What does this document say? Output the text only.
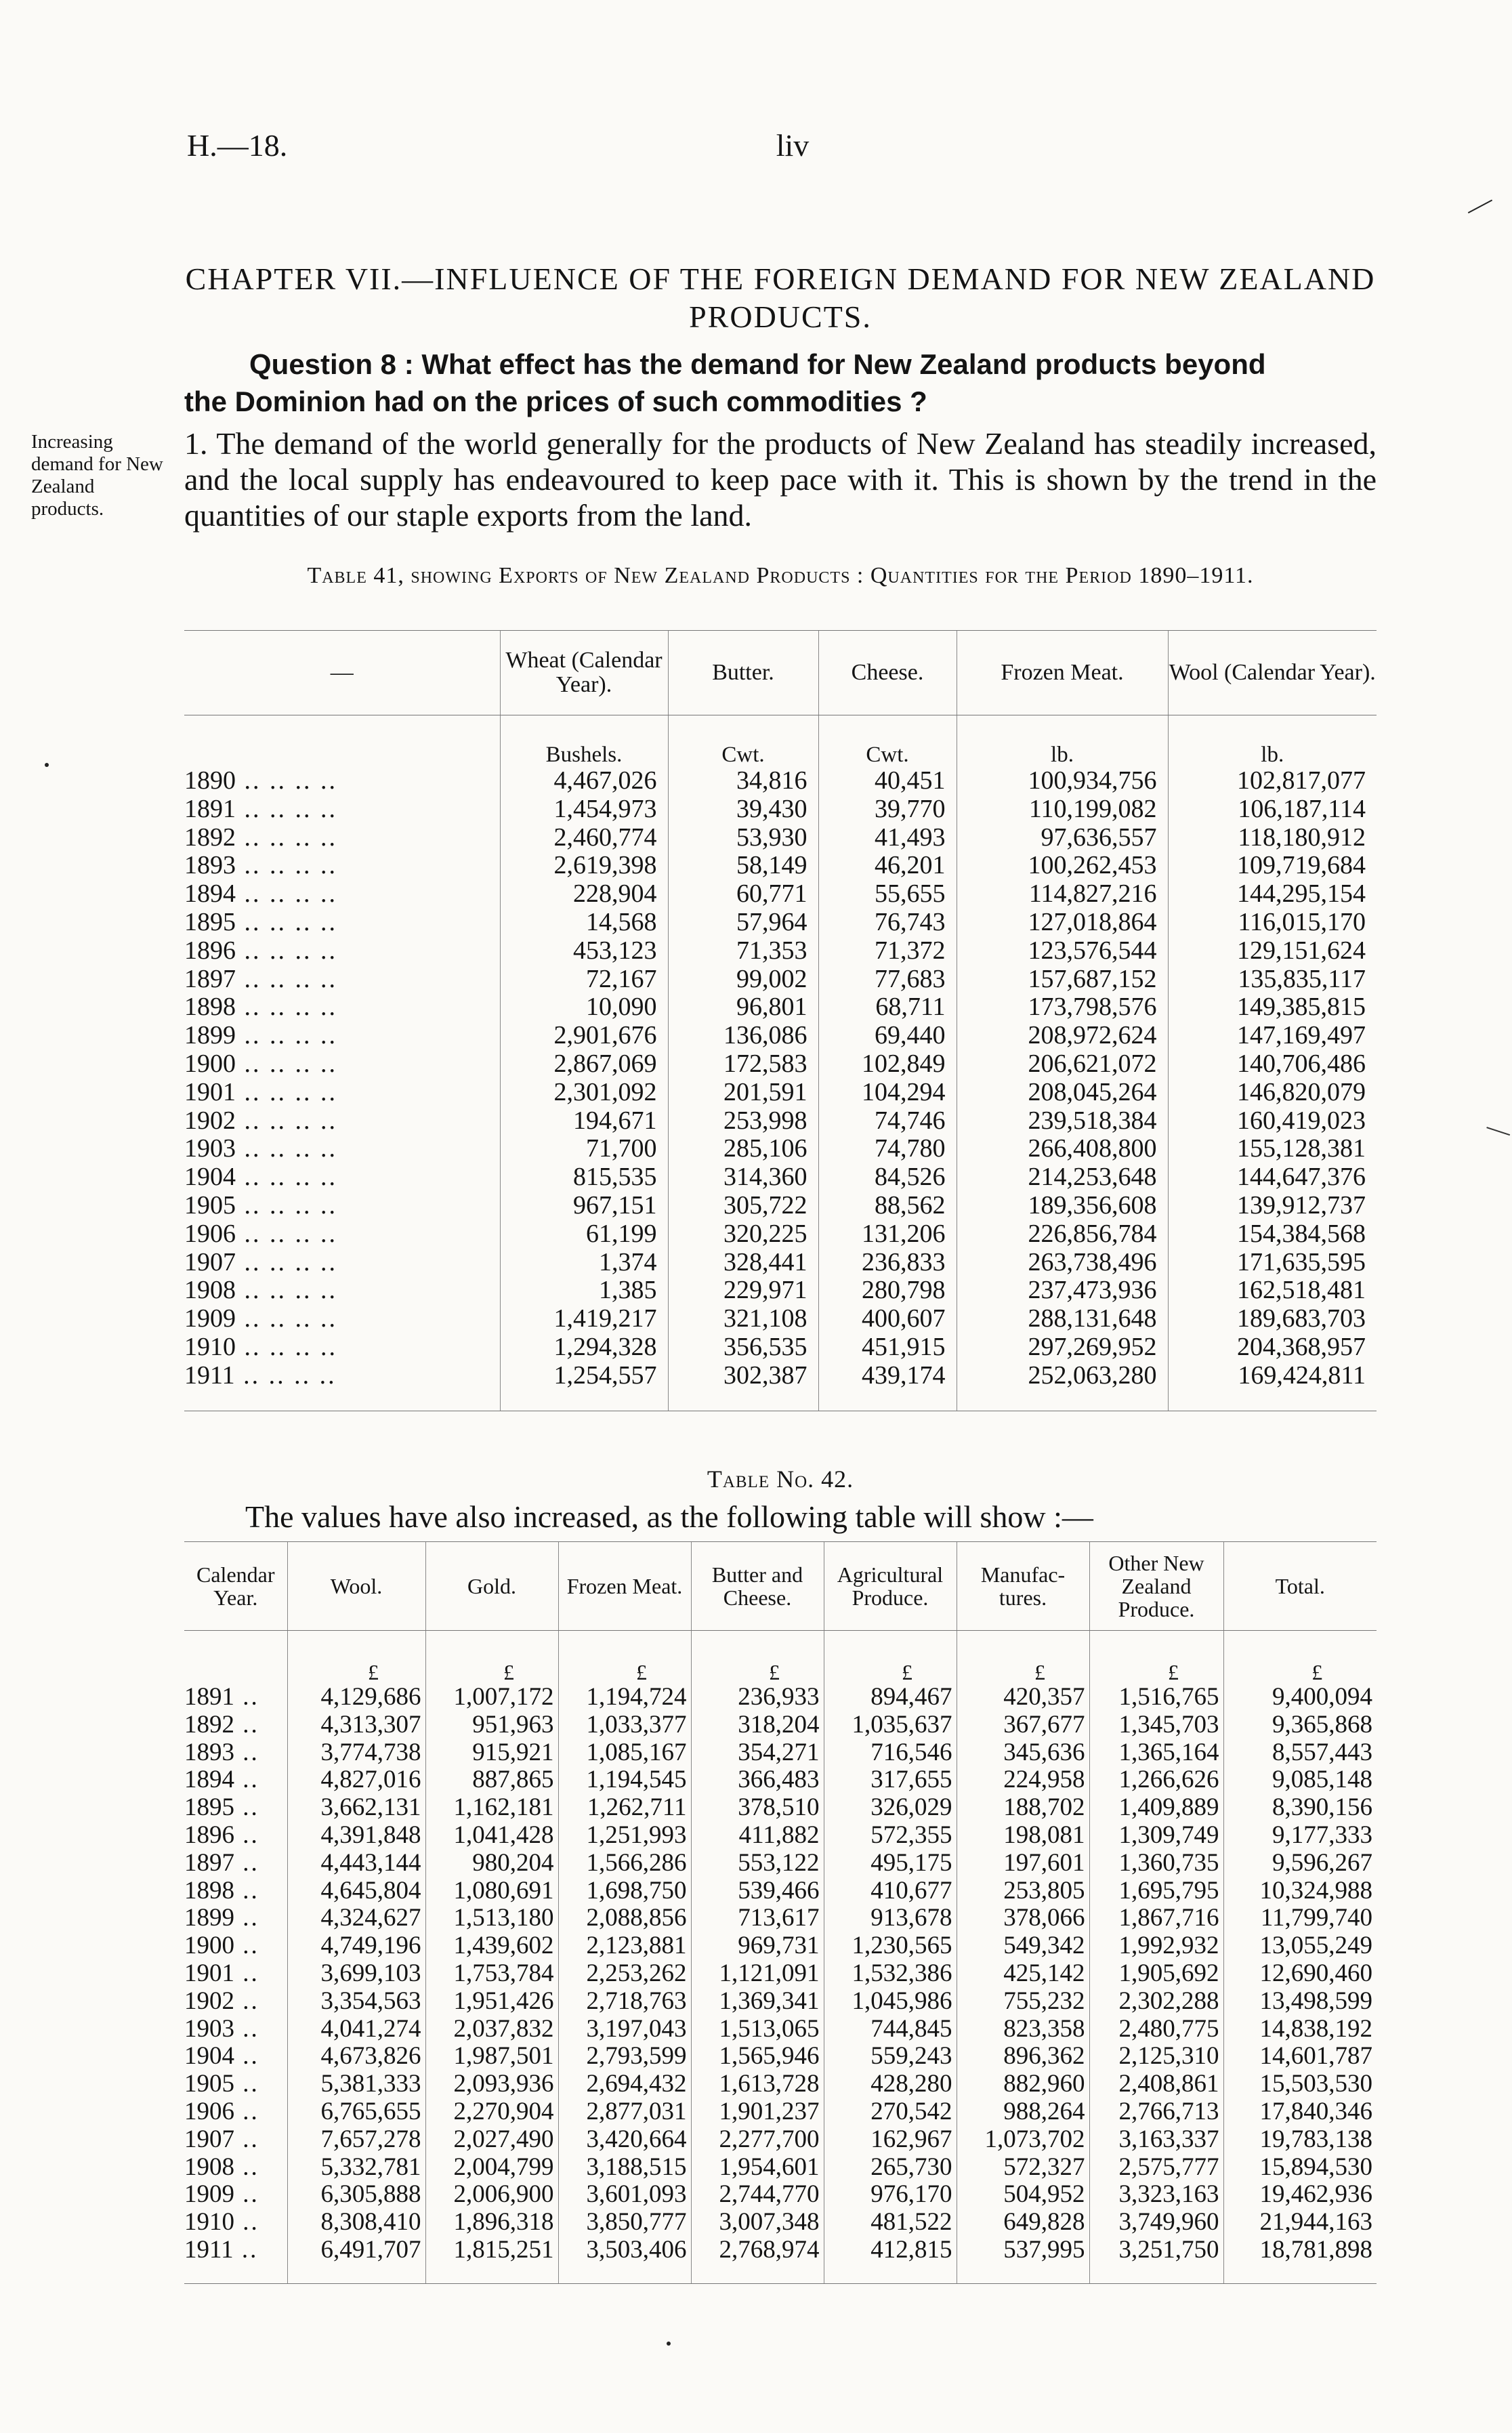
H.—18.	liv
CHAPTER VII.—INFLUENCE OF THE FOREIGN DEMAND FOR NEW ZEALAND PRODUCTS.
Question 8 : What effect has the demand for New Zealand products beyond
the Dominion had on the prices of such commodities ?
Increasing demand for New Zealand products.
1. The demand of the world generally for the products of New Zealand has steadily increased, and the local supply has endeavoured to keep pace with it. This is shown by the trend in the quantities of our staple exports from the land.
Table 41, showing Exports of New Zealand Products : Quantities for the Period 1890–1911.
—	Wheat (Calendar Year).	Butter.	Cheese.	Frozen Meat.	Wool (Calendar Year).
	Bushels.	Cwt.	Cwt.	lb.	lb.
1890 .. .. .. ..	4,467,026	34,816	40,451	100,934,756	102,817,077
1891 .. .. .. ..	1,454,973	39,430	39,770	110,199,082	106,187,114
1892 .. .. .. ..	2,460,774	53,930	41,493	97,636,557	118,180,912
1893 .. .. .. ..	2,619,398	58,149	46,201	100,262,453	109,719,684
1894 .. .. .. ..	228,904	60,771	55,655	114,827,216	144,295,154
1895 .. .. .. ..	14,568	57,964	76,743	127,018,864	116,015,170
1896 .. .. .. ..	453,123	71,353	71,372	123,576,544	129,151,624
1897 .. .. .. ..	72,167	99,002	77,683	157,687,152	135,835,117
1898 .. .. .. ..	10,090	96,801	68,711	173,798,576	149,385,815
1899 .. .. .. ..	2,901,676	136,086	69,440	208,972,624	147,169,497
1900 .. .. .. ..	2,867,069	172,583	102,849	206,621,072	140,706,486
1901 .. .. .. ..	2,301,092	201,591	104,294	208,045,264	146,820,079
1902 .. .. .. ..	194,671	253,998	74,746	239,518,384	160,419,023
1903 .. .. .. ..	71,700	285,106	74,780	266,408,800	155,128,381
1904 .. .. .. ..	815,535	314,360	84,526	214,253,648	144,647,376
1905 .. .. .. ..	967,151	305,722	88,562	189,356,608	139,912,737
1906 .. .. .. ..	61,199	320,225	131,206	226,856,784	154,384,568
1907 .. .. .. ..	1,374	328,441	236,833	263,738,496	171,635,595
1908 .. .. .. ..	1,385	229,971	280,798	237,473,936	162,518,481
1909 .. .. .. ..	1,419,217	321,108	400,607	288,131,648	189,683,703
1910 .. .. .. ..	1,294,328	356,535	451,915	297,269,952	204,368,957
1911 .. .. .. ..	1,254,557	302,387	439,174	252,063,280	169,424,811
Table No. 42.
The values have also increased, as the following table will show :—
Calendar Year.	Wool.	Gold.	Frozen Meat.	Butter and Cheese.	Agricultural Produce.	Manufac- tures.	Other New Zealand Produce.	Total.
	£	£	£	£	£	£	£	£
1891 ..	4,129,686	1,007,172	1,194,724	236,933	894,467	420,357	1,516,765	9,400,094
1892 ..	4,313,307	951,963	1,033,377	318,204	1,035,637	367,677	1,345,703	9,365,868
1893 ..	3,774,738	915,921	1,085,167	354,271	716,546	345,636	1,365,164	8,557,443
1894 ..	4,827,016	887,865	1,194,545	366,483	317,655	224,958	1,266,626	9,085,148
1895 ..	3,662,131	1,162,181	1,262,711	378,510	326,029	188,702	1,409,889	8,390,156
1896 ..	4,391,848	1,041,428	1,251,993	411,882	572,355	198,081	1,309,749	9,177,333
1897 ..	4,443,144	980,204	1,566,286	553,122	495,175	197,601	1,360,735	9,596,267
1898 ..	4,645,804	1,080,691	1,698,750	539,466	410,677	253,805	1,695,795	10,324,988
1899 ..	4,324,627	1,513,180	2,088,856	713,617	913,678	378,066	1,867,716	11,799,740
1900 ..	4,749,196	1,439,602	2,123,881	969,731	1,230,565	549,342	1,992,932	13,055,249
1901 ..	3,699,103	1,753,784	2,253,262	1,121,091	1,532,386	425,142	1,905,692	12,690,460
1902 ..	3,354,563	1,951,426	2,718,763	1,369,341	1,045,986	755,232	2,302,288	13,498,599
1903 ..	4,041,274	2,037,832	3,197,043	1,513,065	744,845	823,358	2,480,775	14,838,192
1904 ..	4,673,826	1,987,501	2,793,599	1,565,946	559,243	896,362	2,125,310	14,601,787
1905 ..	5,381,333	2,093,936	2,694,432	1,613,728	428,280	882,960	2,408,861	15,503,530
1906 ..	6,765,655	2,270,904	2,877,031	1,901,237	270,542	988,264	2,766,713	17,840,346
1907 ..	7,657,278	2,027,490	3,420,664	2,277,700	162,967	1,073,702	3,163,337	19,783,138
1908 ..	5,332,781	2,004,799	3,188,515	1,954,601	265,730	572,327	2,575,777	15,894,530
1909 ..	6,305,888	2,006,900	3,601,093	2,744,770	976,170	504,952	3,323,163	19,462,936
1910 ..	8,308,410	1,896,318	3,850,777	3,007,348	481,522	649,828	3,749,960	21,944,163
1911 ..	6,491,707	1,815,251	3,503,406	2,768,974	412,815	537,995	3,251,750	18,781,898
